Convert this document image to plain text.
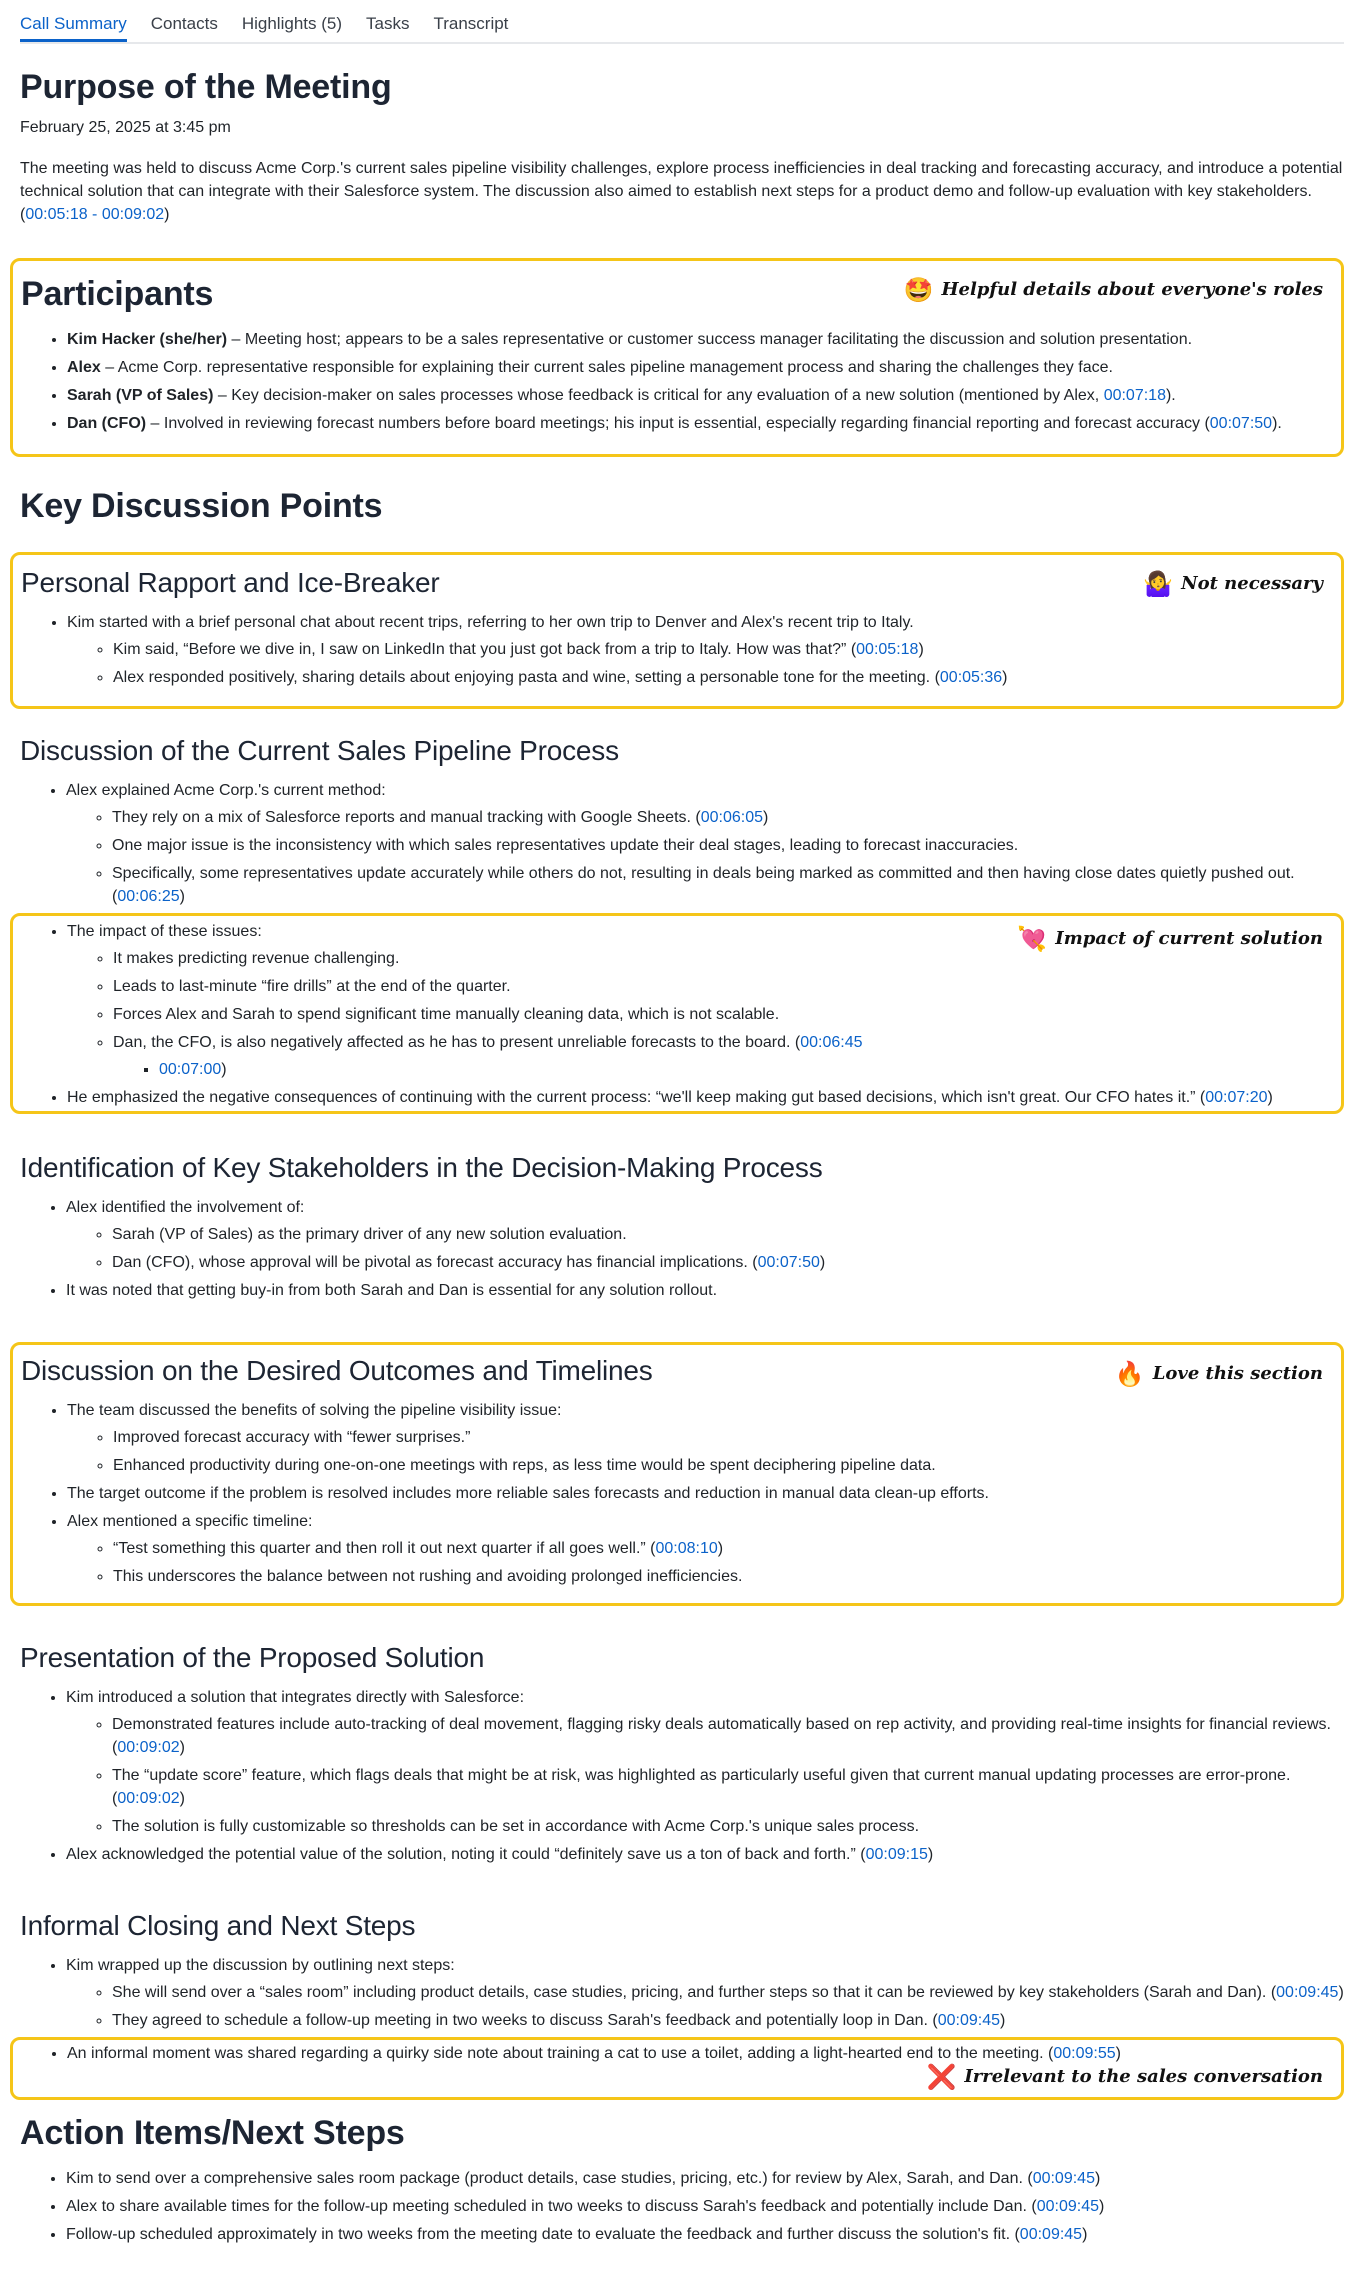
Call Summary Contacts Highlights (5) Tasks Transcript
Purpose of the Meeting
February 25, 2025 at 3:45 pm

The meeting was held to discuss Acme Corp.'s current sales pipeline visibility challenges, explore process inefficiencies in deal tracking and forecasting accuracy, and introduce a potential technical solution that can integrate with their Salesforce system. The discussion also aimed to establish next steps for a product demo and follow-up evaluation with key stakeholders. (00:05:18 - 00:09:02)

🤩 Helpful details about everyone's roles
Participants
• Kim Hacker (she/her) – Meeting host; appears to be a sales representative or customer success manager facilitating the discussion and solution presentation.
• Alex – Acme Corp. representative responsible for explaining their current sales pipeline management process and sharing the challenges they face.
• Sarah (VP of Sales) – Key decision-maker on sales processes whose feedback is critical for any evaluation of a new solution (mentioned by Alex, 00:07:18).
• Dan (CFO) – Involved in reviewing forecast numbers before board meetings; his input is essential, especially regarding financial reporting and forecast accuracy (00:07:50).
Key Discussion Points
🤷‍♀️ Not necessary
Personal Rapport and Ice-Breaker
• Kim started with a brief personal chat about recent trips, referring to her own trip to Denver and Alex's recent trip to Italy.
◦ Kim said, “Before we dive in, I saw on LinkedIn that you just got back from a trip to Italy. How was that?” (00:05:18)
◦ Alex responded positively, sharing details about enjoying pasta and wine, setting a personable tone for the meeting. (00:05:36)
Discussion of the Current Sales Pipeline Process
• Alex explained Acme Corp.'s current method:
◦ They rely on a mix of Salesforce reports and manual tracking with Google Sheets. (00:06:05)
◦ One major issue is the inconsistency with which sales representatives update their deal stages, leading to forecast inaccuracies.
◦ Specifically, some representatives update accurately while others do not, resulting in deals being marked as committed and then having close dates quietly pushed out. (00:06:25)
💘 Impact of current solution
• The impact of these issues:
◦ It makes predicting revenue challenging.
◦ Leads to last-minute “fire drills” at the end of the quarter.
◦ Forces Alex and Sarah to spend significant time manually cleaning data, which is not scalable.
◦ Dan, the CFO, is also negatively affected as he has to present unreliable forecasts to the board. (00:06:45
▪ 00:07:00)
• He emphasized the negative consequences of continuing with the current process: “we'll keep making gut based decisions, which isn't great. Our CFO hates it.” (00:07:20)
Identification of Key Stakeholders in the Decision-Making Process
• Alex identified the involvement of:
◦ Sarah (VP of Sales) as the primary driver of any new solution evaluation.
◦ Dan (CFO), whose approval will be pivotal as forecast accuracy has financial implications. (00:07:50)
• It was noted that getting buy-in from both Sarah and Dan is essential for any solution rollout.
🔥 Love this section
Discussion on the Desired Outcomes and Timelines
• The team discussed the benefits of solving the pipeline visibility issue:
◦ Improved forecast accuracy with “fewer surprises.”
◦ Enhanced productivity during one-on-one meetings with reps, as less time would be spent deciphering pipeline data.
• The target outcome if the problem is resolved includes more reliable sales forecasts and reduction in manual data clean-up efforts.
• Alex mentioned a specific timeline:
◦ “Test something this quarter and then roll it out next quarter if all goes well.” (00:08:10)
◦ This underscores the balance between not rushing and avoiding prolonged inefficiencies.
Presentation of the Proposed Solution
• Kim introduced a solution that integrates directly with Salesforce:
◦ Demonstrated features include auto-tracking of deal movement, flagging risky deals automatically based on rep activity, and providing real-time insights for financial reviews. (00:09:02)
◦ The “update score” feature, which flags deals that might be at risk, was highlighted as particularly useful given that current manual updating processes are error-prone. (00:09:02)
◦ The solution is fully customizable so thresholds can be set in accordance with Acme Corp.'s unique sales process.
• Alex acknowledged the potential value of the solution, noting it could “definitely save us a ton of back and forth.” (00:09:15)
Informal Closing and Next Steps
• Kim wrapped up the discussion by outlining next steps:
◦ She will send over a “sales room” including product details, case studies, pricing, and further steps so that it can be reviewed by key stakeholders (Sarah and Dan). (00:09:45)
◦ They agreed to schedule a follow-up meeting in two weeks to discuss Sarah's feedback and potentially loop in Dan. (00:09:45)
• An informal moment was shared regarding a quirky side note about training a cat to use a toilet, adding a light-hearted end to the meeting. (00:09:55)
❌ Irrelevant to the sales conversation
Action Items/Next Steps
• Kim to send over a comprehensive sales room package (product details, case studies, pricing, etc.) for review by Alex, Sarah, and Dan. (00:09:45)
• Alex to share available times for the follow-up meeting scheduled in two weeks to discuss Sarah's feedback and potentially include Dan. (00:09:45)
• Follow-up scheduled approximately in two weeks from the meeting date to evaluate the feedback and further discuss the solution's fit. (00:09:45)
